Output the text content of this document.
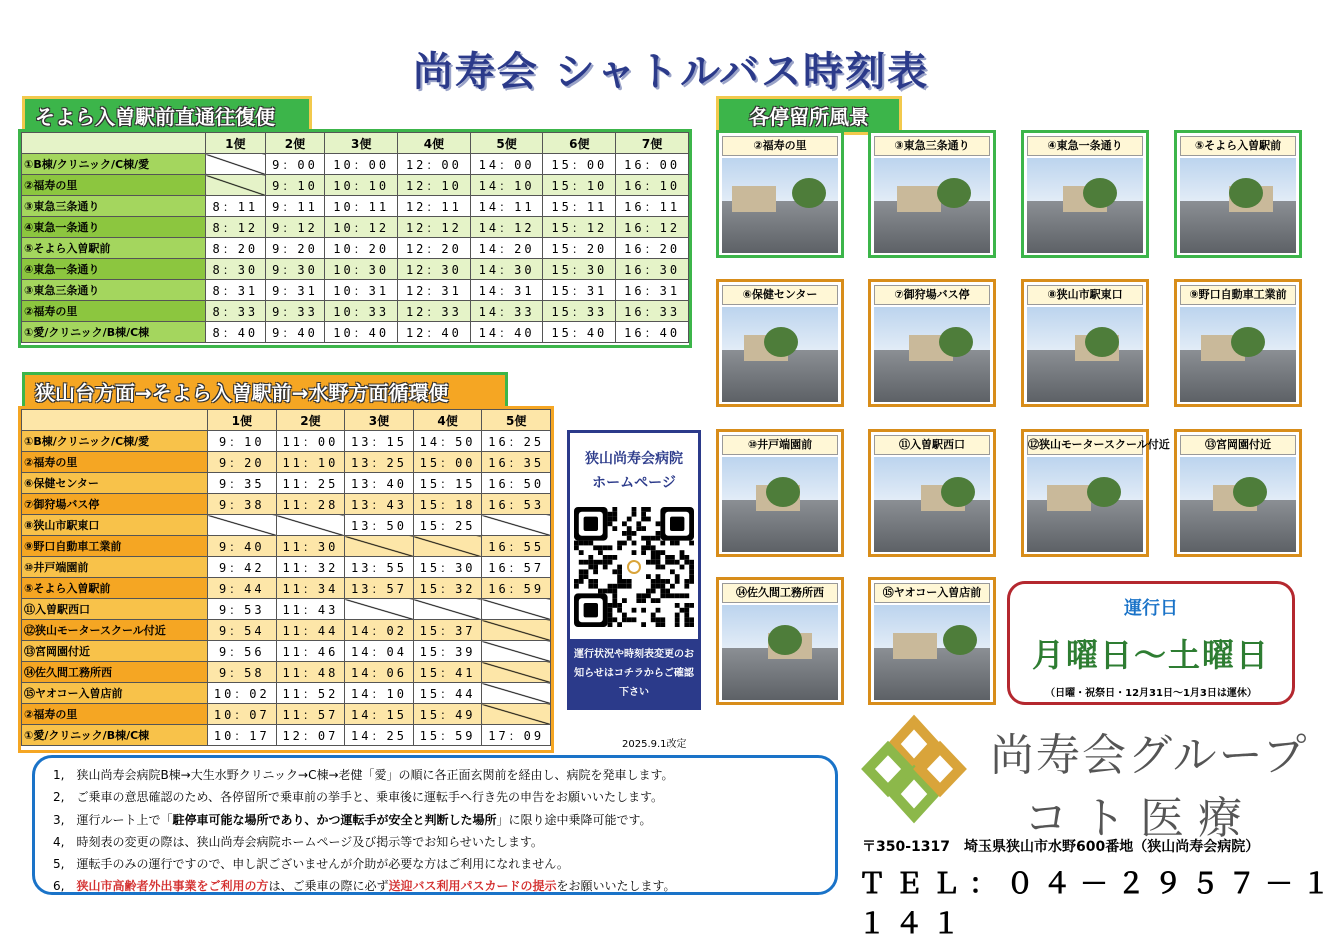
尚寿会 シャトルバス時刻表
そよら入曽駅前直通往復便
	1便	2便	3便	4便	5便	6便	7便
①B棟/クリニック/C棟/愛		9：00	10：00	12：00	14：00	15：00	16：00
②福寿の里		9：10	10：10	12：10	14：10	15：10	16：10
③東急三条通り	8：11	9：11	10：11	12：11	14：11	15：11	16：11
④東急一条通り	8：12	9：12	10：12	12：12	14：12	15：12	16：12
⑤そよら入曽駅前	8：20	9：20	10：20	12：20	14：20	15：20	16：20
④東急一条通り	8：30	9：30	10：30	12：30	14：30	15：30	16：30
③東急三条通り	8：31	9：31	10：31	12：31	14：31	15：31	16：31
②福寿の里	8：33	9：33	10：33	12：33	14：33	15：33	16：33
①愛/クリニック/B棟/C棟	8：40	9：40	10：40	12：40	14：40	15：40	16：40
狭山台方面→そよら入曽駅前→水野方面循環便
	1便	2便	3便	4便	5便
①B棟/クリニック/C棟/愛	9：10	11：00	13：15	14：50	16：25
②福寿の里	9：20	11：10	13：25	15：00	16：35
⑥保健センター	9：35	11：25	13：40	15：15	16：50
⑦御狩場バス停	9：38	11：28	13：43	15：18	16：53
⑧狭山市駅東口			13：50	15：25	
⑨野口自動車工業前	9：40	11：30			16：55
⑩井戸端園前	9：42	11：32	13：55	15：30	16：57
⑤そよら入曽駅前	9：44	11：34	13：57	15：32	16：59
⑪入曽駅西口	9：53	11：43			
⑫狭山モータースクール付近	9：54	11：44	14：02	15：37	
⑬宮岡園付近	9：56	11：46	14：04	15：39	
⑭佐久間工務所西	9：58	11：48	14：06	15：41	
⑮ヤオコー入曽店前	10：02	11：52	14：10	15：44	
②福寿の里	10：07	11：57	14：15	15：49	
①愛/クリニック/B棟/C棟	10：17	12：07	14：25	15：59	17：09
各停留所風景
②福寿の里	③東急三条通り	④東急一条通り	⑤そよら入曽駅前
⑥保健センター	⑦御狩場バス停	⑧狭山市駅東口	⑨野口自動車工業前
⑩井戸端園前	⑪入曽駅西口	⑫狭山モータースクール付近	⑬宮岡園付近
⑭佐久間工務所西	⑮ヤオコー入曽店前
狭山尚寿会病院
ホームページ
運行状況や時刻表変更のお知らせはコチラからご確認下さい
2025.9.1改定
運行日
月曜日～土曜日
（日曜・祝祭日・12月31日～1月3日は運休）
1,　狭山尚寿会病院B棟→大生水野クリニック→C棟→老健「愛」の順に各正面玄関前を経由し、病院を発車します。
2,　ご乗車の意思確認のため、各停留所で乗車前の挙手と、乗車後に運転手へ行き先の申告をお願いいたします。
3,　運行ルート上で「駐停車可能な場所であり、かつ運転手が安全と判断した場所」に限り途中乗降可能です。
4,　時刻表の変更の際は、狭山尚寿会病院ホームページ及び掲示等でお知らせいたします。
5,　運転手のみの運行ですので、申し訳ございませんが介助が必要な方はご利用になれません。
6,　狭山市高齢者外出事業をご利用の方は、ご乗車の際に必ず送迎バス利用パスカードの提示をお願いいたします。
尚寿会グループ
コト医療
〒350-1317　埼玉県狭山市水野600番地（狭山尚寿会病院）
ＴＥＬ：０４－２９５７－１１４１
